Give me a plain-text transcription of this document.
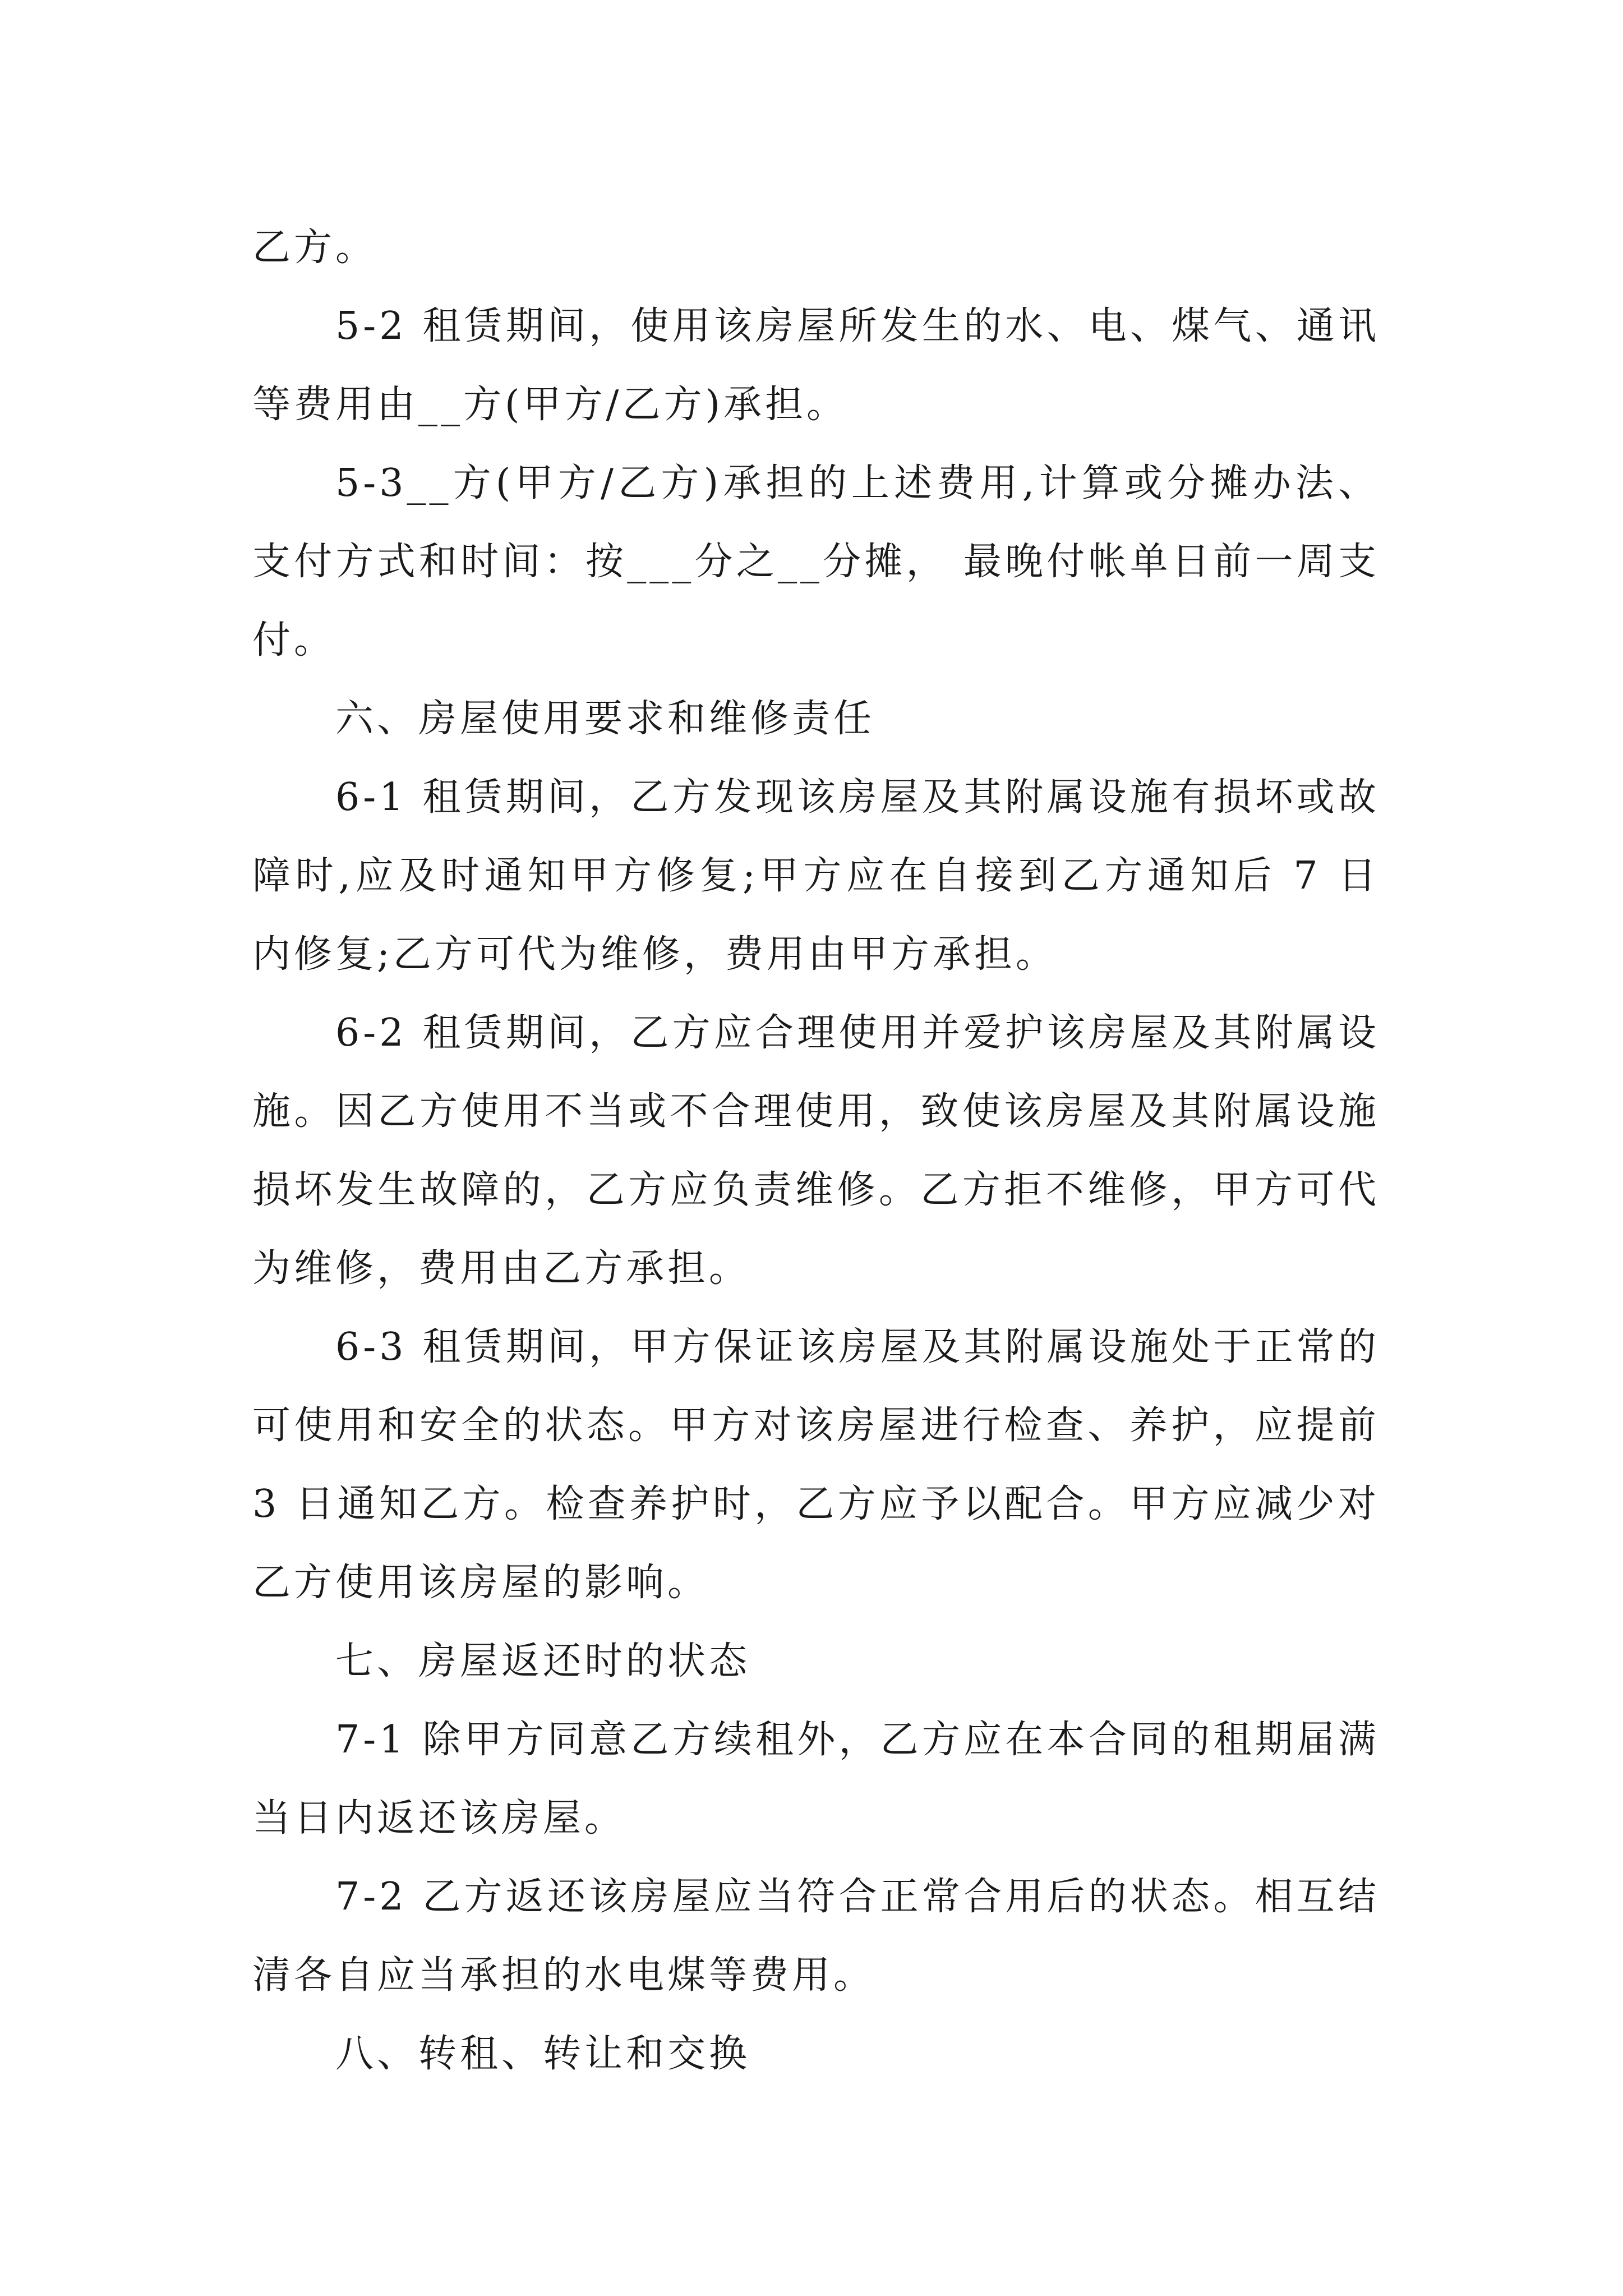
乙方。

5-2 租赁期间，使用该房屋所发生的水、电、煤气、通讯等费用由__方(甲方/乙方)承担。

5-3__方(甲方/乙方)承担的上述费用,计算或分摊办法、支付方式和时间：按___分之__分摊， 最晚付帐单日前一周支付。

六、房屋使用要求和维修责任

6-1 租赁期间，乙方发现该房屋及其附属设施有损坏或故障时,应及时通知甲方修复;甲方应在自接到乙方通知后 7 日内修复;乙方可代为维修，费用由甲方承担。

6-2 租赁期间，乙方应合理使用并爱护该房屋及其附属设施。因乙方使用不当或不合理使用，致使该房屋及其附属设施损坏发生故障的，乙方应负责维修。乙方拒不维修，甲方可代为维修，费用由乙方承担。

6-3 租赁期间，甲方保证该房屋及其附属设施处于正常的可使用和安全的状态。甲方对该房屋进行检查、养护，应提前 3 日通知乙方。检查养护时，乙方应予以配合。甲方应减少对乙方使用该房屋的影响。

七、房屋返还时的状态

7-1 除甲方同意乙方续租外，乙方应在本合同的租期届满当日内返还该房屋。

7-2 乙方返还该房屋应当符合正常合用后的状态。相互结清各自应当承担的水电煤等费用。

八、转租、转让和交换
